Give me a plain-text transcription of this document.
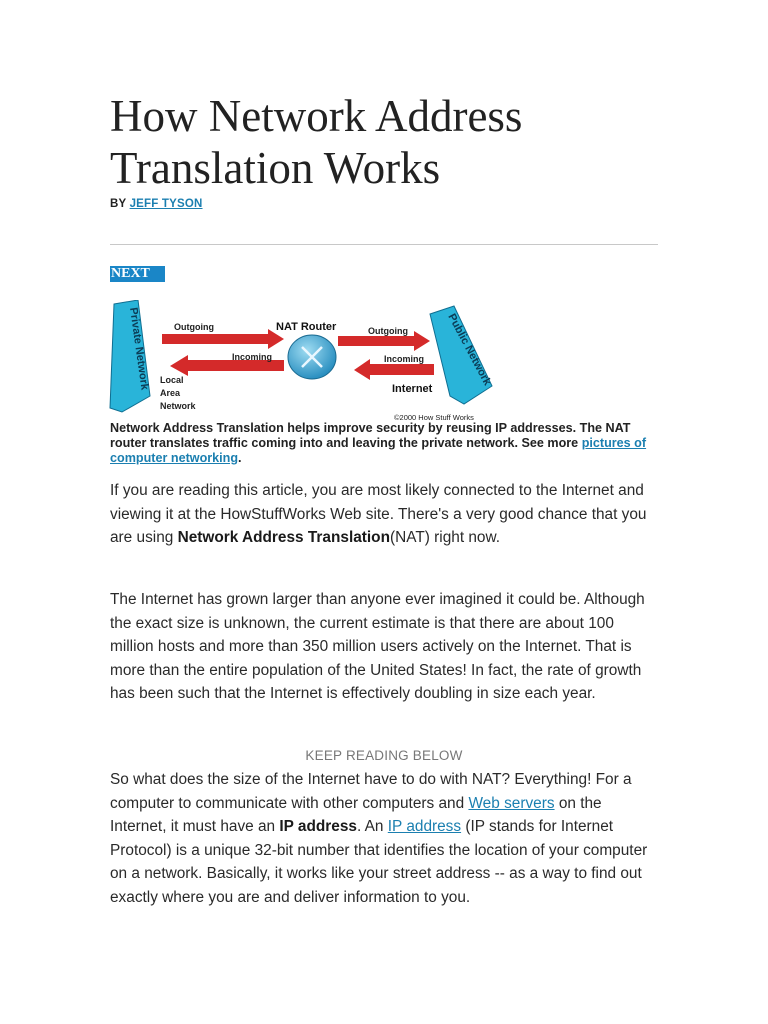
How Network Address
Translation Works
BY JEFF TYSON
NEXT
Private Network	Public Network
NAT Router
Outgoing	Outgoing
Incoming	Incoming
Local
Area
Network
Internet
©2000 How Stuff Works
Network Address Translation helps improve security by reusing IP addresses. The NAT router translates traffic coming into and leaving the private network. See more pictures of computer networking.

If you are reading this article, you are most likely connected to the Internet and viewing it at the HowStuffWorks Web site. There's a very good chance that you are using Network Address Translation(NAT) right now.

The Internet has grown larger than anyone ever imagined it could be. Although the exact size is unknown, the current estimate is that there are about 100 million hosts and more than 350 million users actively on the Internet. That is more than the entire population of the United States! In fact, the rate of growth has been such that the Internet is effectively doubling in size each year.

KEEP READING BELOW

So what does the size of the Internet have to do with NAT? Everything! For a computer to communicate with other computers and Web servers on the Internet, it must have an IP address. An IP address (IP stands for Internet Protocol) is a unique 32-bit number that identifies the location of your computer on a network. Basically, it works like your street address -- as a way to find out exactly where you are and deliver information to you.
